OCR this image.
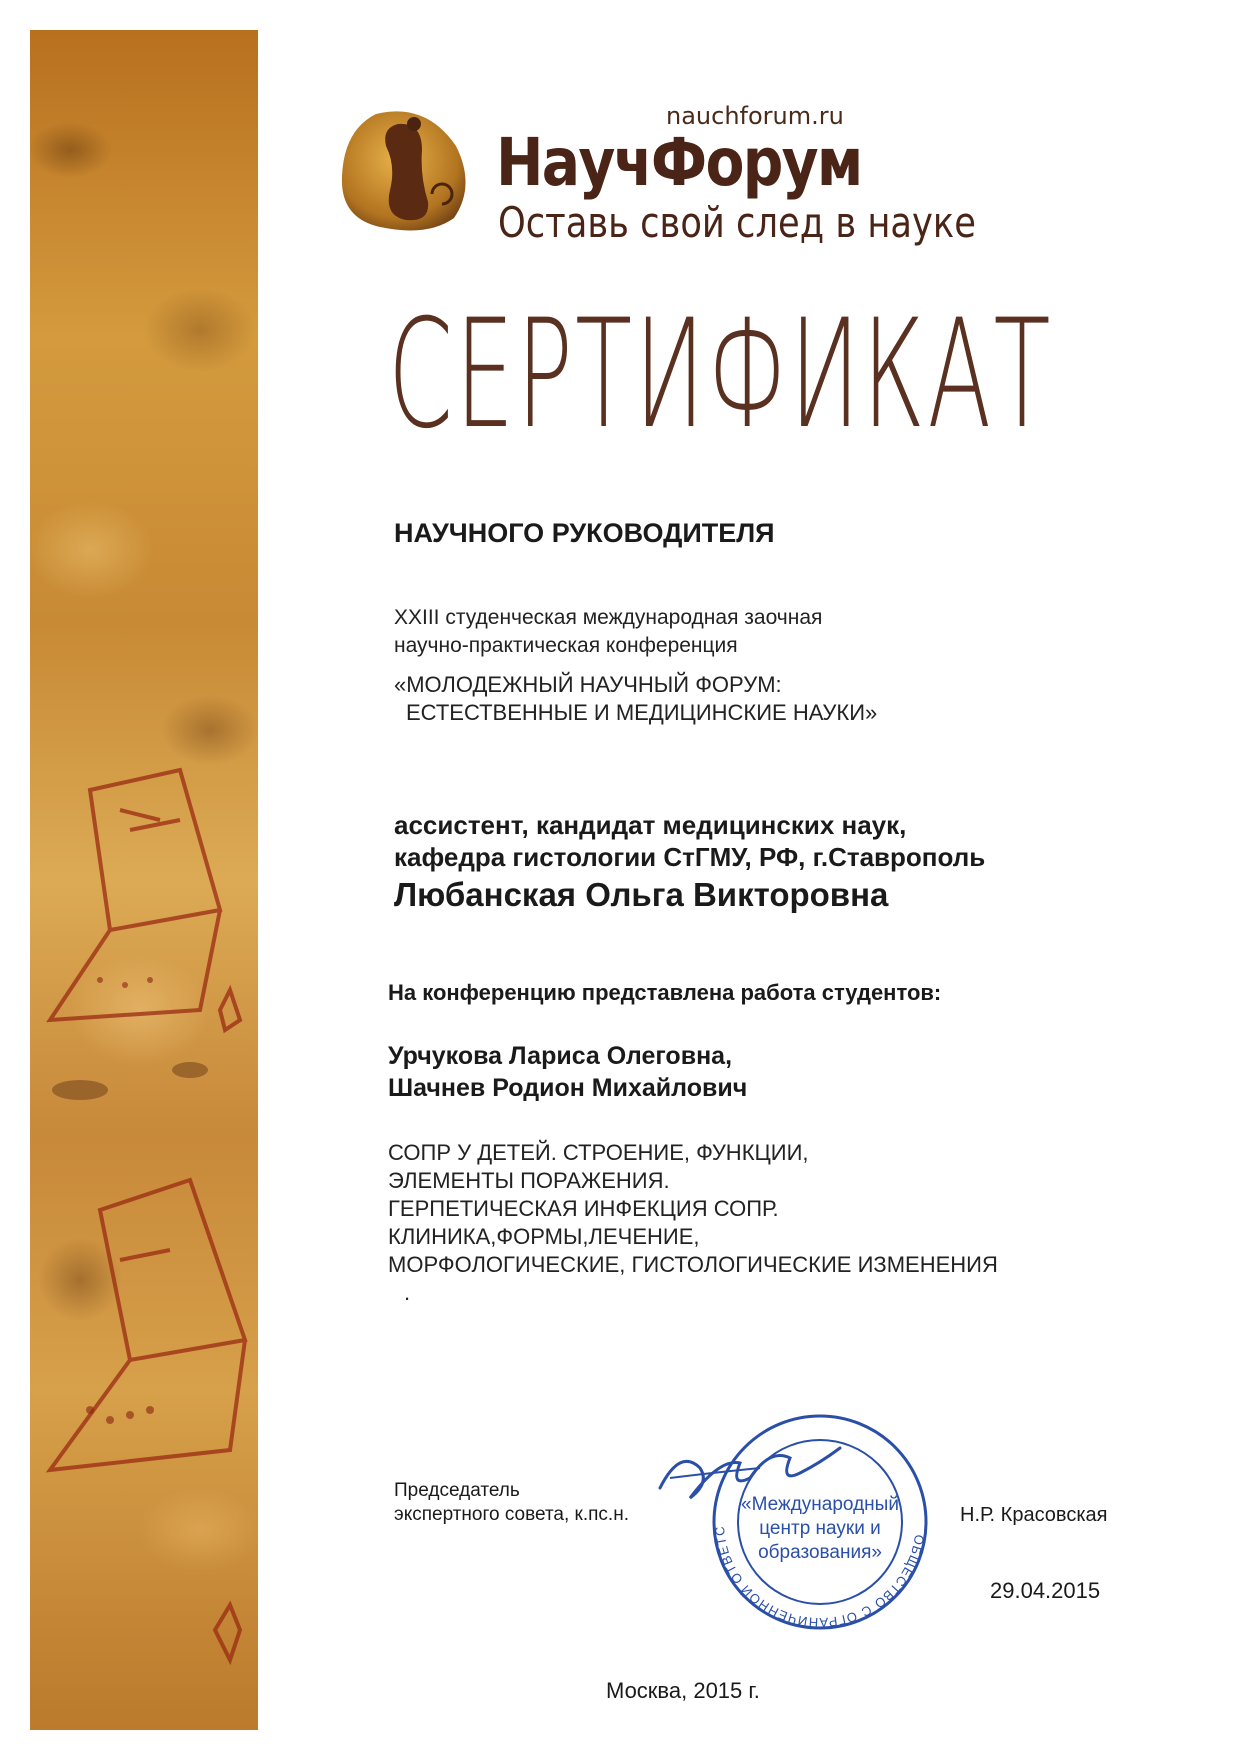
nauchforum.ru
НаучФорум
Оставь свой след в науке
СЕРТИФИКАТ
НАУЧНОГО РУКОВОДИТЕЛЯ
XXIII студенческая международная заочная
научно-практическая конференция
«МОЛОДЕЖНЫЙ НАУЧНЫЙ ФОРУМ:
ЕСТЕСТВЕННЫЕ И МЕДИЦИНСКИЕ НАУКИ»
ассистент, кандидат медицинских наук,
кафедра гистологии СтГМУ, РФ, г.Ставрополь
Любанская Ольга Викторовна
На конференцию представлена работа студентов:
Урчукова Лариса Олеговна,
Шачнев Родион Михайлович
СОПР У ДЕТЕЙ. СТРОЕНИЕ, ФУНКЦИИ,
ЭЛЕМЕНТЫ ПОРАЖЕНИЯ.
ГЕРПЕТИЧЕСКАЯ ИНФЕКЦИЯ СОПР.
КЛИНИКА,ФОРМЫ,ЛЕЧЕНИЕ,
МОРФОЛОГИЧЕСКИЕ, ГИСТОЛОГИЧЕСКИЕ ИЗМЕНЕНИЯ
.
Председатель
экспертного совета, к.пс.н.
ОБЩЕСТВО С ОГРАНИЧЕННОЙ ОТВЕТС
«Международный
центр науки и
образования»
Н.Р. Красовская
29.04.2015
Москва, 2015 г.
